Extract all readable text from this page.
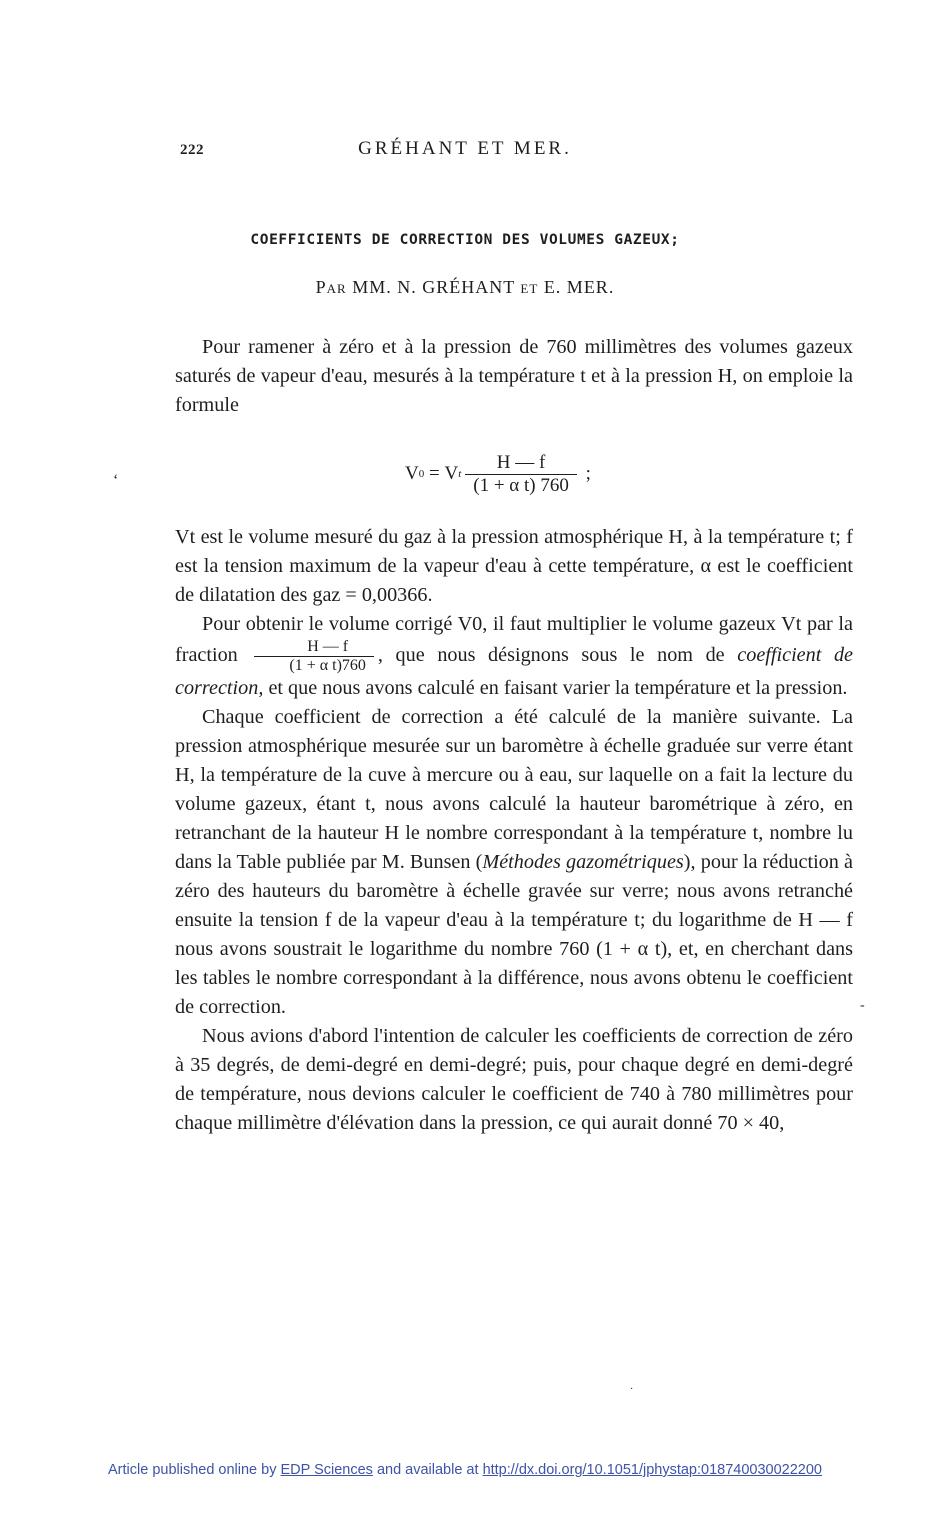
222	GRÉHANT ET MER.
COEFFICIENTS DE CORRECTION DES VOLUMES GAZEUX;
Par MM. N. GRÉHANT et E. MER.

Pour ramener à zéro et à la pression de 760 millimètres des volumes gazeux saturés de vapeur d'eau, mesurés à la température t et à la pression H, on emploie la formule

‘	V 0 = V t $\frac{H — f}{\text{(1 + α t) 760}}$ ;

Vt est le volume mesuré du gaz à la pression atmosphérique H, à la température t; f est la tension maximum de la vapeur d'eau à cette température, α est le coefficient de dilatation des gaz = 0,00366.

Pour obtenir le volume corrigé V0, il faut multiplier le volume gazeux Vt par la fraction $\frac{H — f}{\text{(1 + α t)760}}$ , que nous désignons sous le nom de coefficient de correction, et que nous avons calculé en faisant varier la température et la pression.

Chaque coefficient de correction a été calculé de la manière suivante. La pression atmosphérique mesurée sur un baromètre à échelle graduée sur verre étant H, la température de la cuve à mercure ou à eau, sur laquelle on a fait la lecture du volume gazeux, étant t, nous avons calculé la hauteur barométrique à zéro, en retranchant de la hauteur H le nombre correspondant à la température t, nombre lu dans la Table publiée par M. Bunsen (Méthodes gazométriques), pour la réduction à zéro des hauteurs du baromètre à échelle gravée sur verre; nous avons retranché ensuite la tension f de la vapeur d'eau à la température t; du logarithme de H — f nous avons soustrait le logarithme du nombre 760 (1 + α t), et, en cherchant dans les tables le nombre correspondant à la différence, nous avons obtenu le coefficient de correction.

Nous avions d'abord l'intention de calculer les coefficients de correction de zéro à 35 degrés, de demi-degré en demi-degré; puis, pour chaque degré en demi-degré de température, nous devions calculer le coefficient de 740 à 780 millimètres pour chaque millimètre d'élévation dans la pression, ce qui aurait donné 70 × 40,

-
·
Article published online by EDP Sciences and available at http://dx.doi.org/10.1051/jphystap:018740030022200
